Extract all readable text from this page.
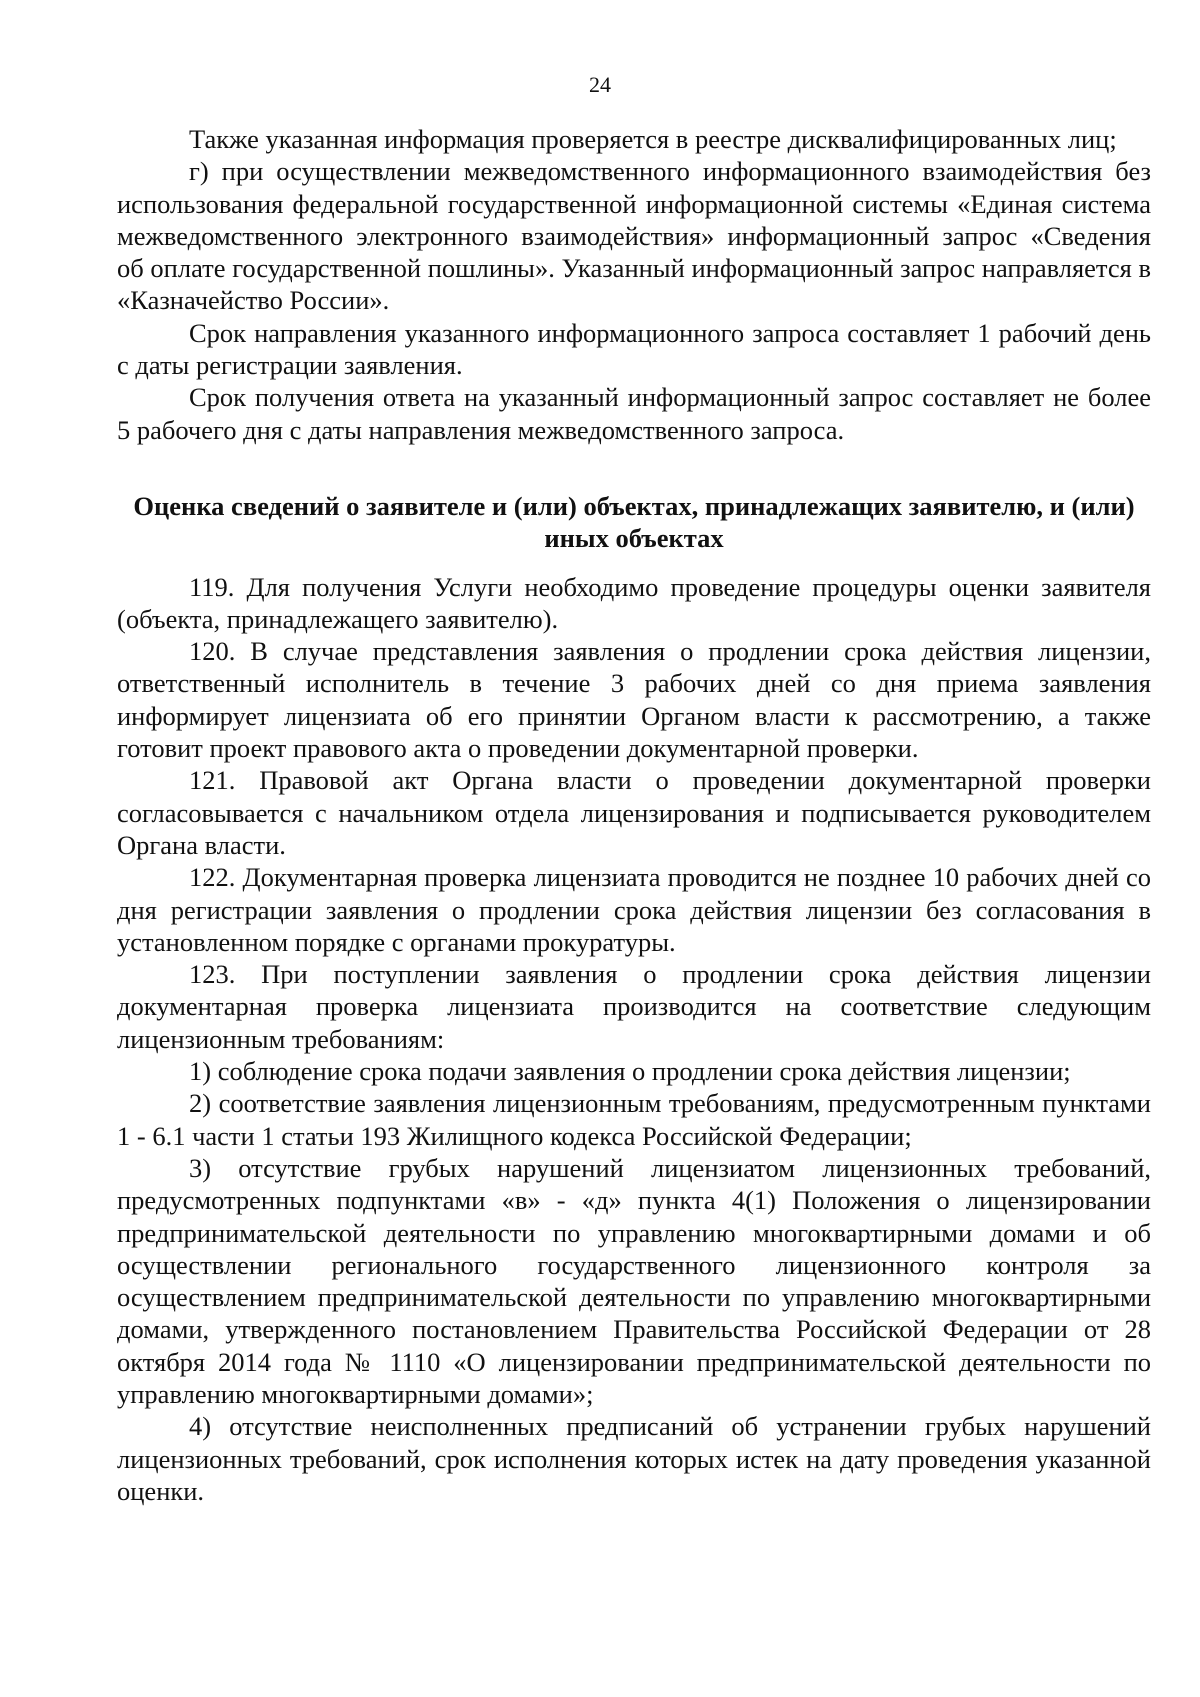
24

Также указанная информация проверяется в реестре дисквалифицированных лиц;

г) при осуществлении межведомственного информационного взаимодействия без использования федеральной государственной информационной системы «Единая система межведомственного электронного взаимодействия» информационный запрос «Сведения об оплате государственной пошлины». Указанный информационный запрос направляется в «Казначейство России».

Срок направления указанного информационного запроса составляет 1 рабочий день с даты регистрации заявления.

Срок получения ответа на указанный информационный запрос составляет не более 5 рабочего дня с даты направления межведомственного запроса.

Оценка сведений о заявителе и (или) объектах, принадлежащих заявителю, и (или) иных объектах

119. Для получения Услуги необходимо проведение процедуры оценки заявителя (объекта, принадлежащего заявителю).

120. В случае представления заявления о продлении срока действия лицензии, ответственный исполнитель в течение 3 рабочих дней со дня приема заявления информирует лицензиата об его принятии Органом власти к рассмотрению, а также готовит проект правового акта о проведении документарной проверки.

121. Правовой акт Органа власти о проведении документарной проверки согласовывается с начальником отдела лицензирования и подписывается руководителем Органа власти.

122. Документарная проверка лицензиата проводится не позднее 10 рабочих дней со дня регистрации заявления о продлении срока действия лицензии без согласования в установленном порядке с органами прокуратуры.

123. При поступлении заявления о продлении срока действия лицензии документарная проверка лицензиата производится на соответствие следующим лицензионным требованиям:

1) соблюдение срока подачи заявления о продлении срока действия лицензии;

2) соответствие заявления лицензионным требованиям, предусмотренным пунктами 1 - 6.1 части 1 статьи 193 Жилищного кодекса Российской Федерации;

3) отсутствие грубых нарушений лицензиатом лицензионных требований, предусмотренных подпунктами «в» - «д» пункта 4(1) Положения о лицензировании предпринимательской деятельности по управлению многоквартирными домами и об осуществлении регионального государственного лицензионного контроля за осуществлением предпринимательской деятельности по управлению многоквартирными домами, утвержденного постановлением Правительства Российской Федерации от 28 октября 2014 года № 1110 «О лицензировании предпринимательской деятельности по управлению многоквартирными домами»;

4) отсутствие неисполненных предписаний об устранении грубых нарушений лицензионных требований, срок исполнения которых истек на дату проведения указанной оценки.
